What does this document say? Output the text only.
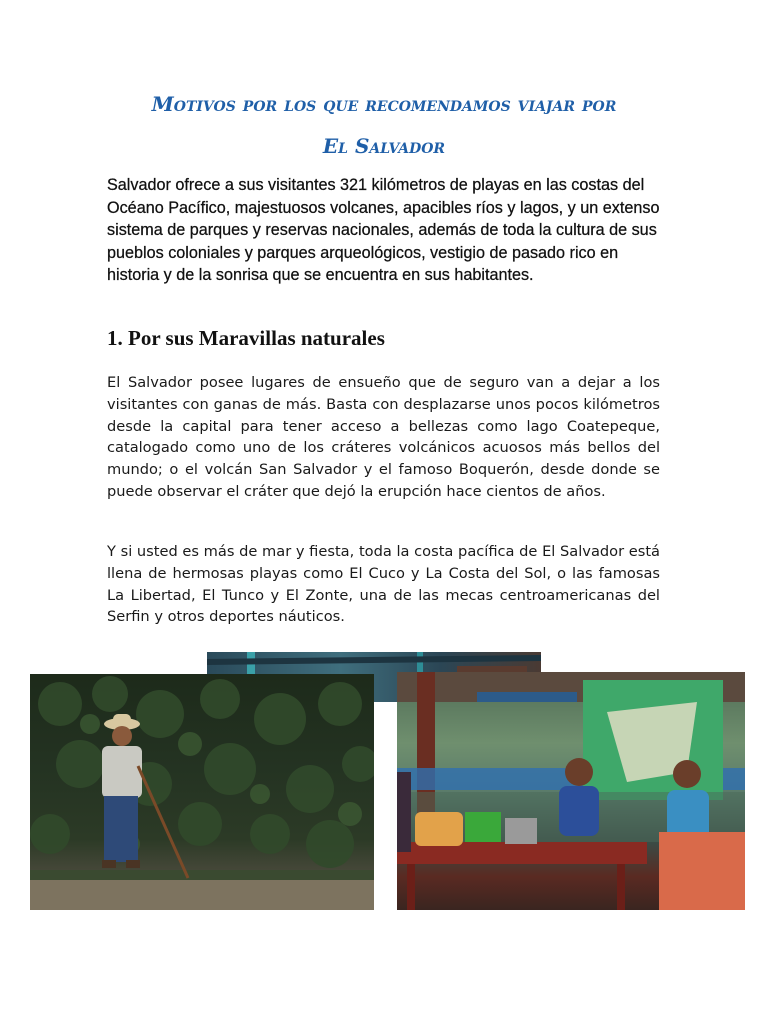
Motivos por los que recomendamos viajar por
El Salvador

Salvador ofrece a sus visitantes 321 kilómetros de playas en las costas del Océano Pacífico, majestuosos volcanes, apacibles ríos y lagos, y un extenso sistema de parques y reservas nacionales, además de toda la cultura de sus pueblos coloniales y parques arqueológicos, vestigio de pasado rico en historia y de la sonrisa que se encuentra en sus habitantes.

1. Por sus Maravillas naturales

El Salvador posee lugares de ensueño que de seguro van a dejar a los visitantes con ganas de más. Basta con desplazarse unos pocos kilómetros desde la capital para tener acceso a bellezas como lago Coatepeque, catalogado como uno de los cráteres volcánicos acuosos más bellos del mundo; o el volcán San Salvador y el famoso Boquerón, desde donde se puede observar el cráter que dejó la erupción hace cientos de años.

Y si usted es más de mar y fiesta, toda la costa pacífica de El Salvador está llena de hermosas playas como El Cuco y La Costa del Sol, o las famosas La Libertad, El Tunco y El Zonte, una de las mecas centroamericanas del Serfin y otros deportes náuticos.
